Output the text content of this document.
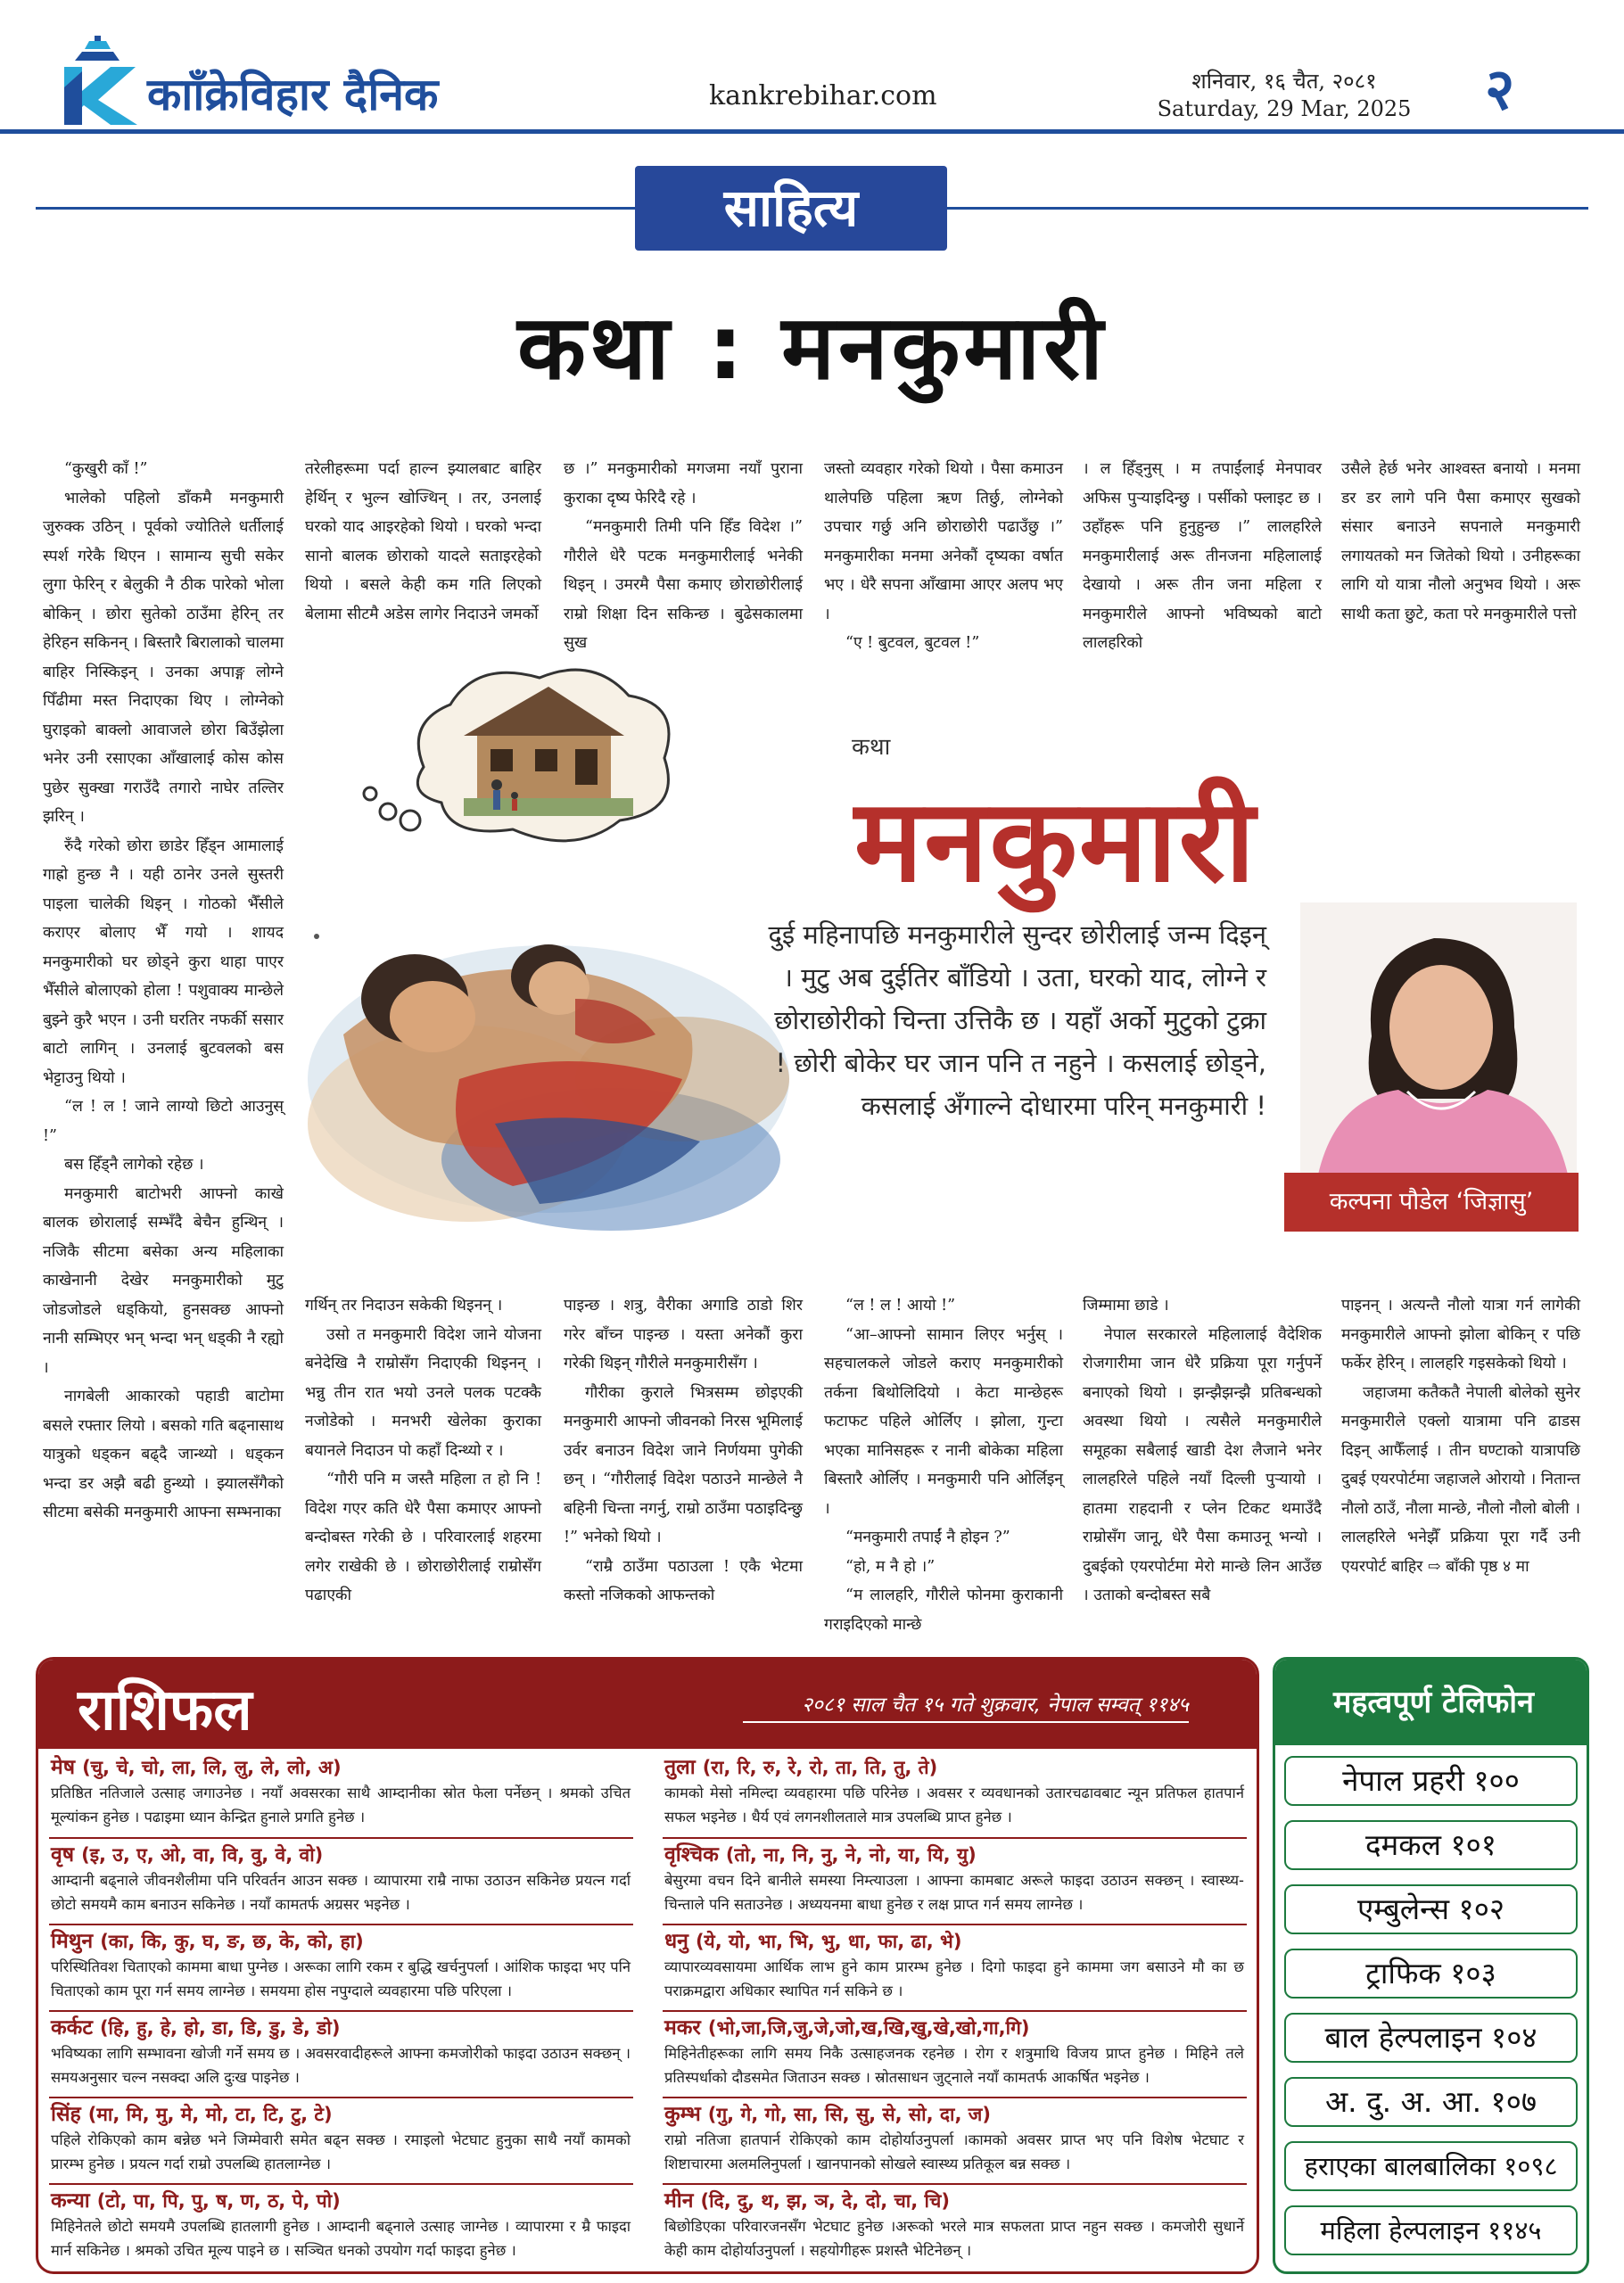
कााँक्रेविहार दैनिक	kankrebihar.com	शनिवार, १६ चैत, २०८१
Saturday, 29 Mar, 2025 २
साहित्य
कथा : मनकुमारी

“कुखुरी काँ !”

भालेको पहिलो डाँकमै मनकुमारी जुरुक्क उठिन् । पूर्वको ज्योतिले धर्तीलाई स्पर्श गरेकै थिएन । सामान्य सुची सकेर लुगा फेरिन् र बेलुकी नै ठीक पारेको भोला बोकिन् । छोरा सुतेको ठाउँमा हेरिन् तर हेरिहन सकिनन् । बिस्तारै बिरालाको चालमा बाहिर निस्किइन् । उनका अपाङ्ग लोग्ने पिँढीमा मस्त निदाएका थिए । लोग्नेको घुराइको बाक्लो आवाजले छोरा बिउँझेला भनेर उनी रसाएका आँखालाई कोस कोस पुछेर सुक्खा गराउँदै तगारो नाघेर तल्तिर झरिन् ।

रुँदै गरेको छोरा छाडेर हिँड्न आमालाई गाह्रो हुन्छ नै । यही ठानेर उनले सुस्तरी पाइला चालेकी थिइन् । गोठको भैँसीले कराएर बोलाए भैँ गयो । शायद मनकुमारीको घर छोड्ने कुरा थाहा पाएर भैँसीले बोलाएको होला ! पशुवाक्य मान्छेले बुझ्ने कुरै भएन । उनी घरतिर नफर्की ससार बाटो लागिन् । उनलाई बुटवलको बस भेट्टाउनु थियो ।

“ल ! ल ! जाने लाग्यो छिटो आउनुस् !”

बस हिँड्नै लागेको रहेछ ।

मनकुमारी बाटोभरी आफ्नो काखे बालक छोरालाई सम्भँदै बेचैन हुन्थिन् । नजिकै सीटमा बसेका अन्य महिलाका काखेनानी देखेर मनकुमारीको मुटु जोडजोडले धड्कियो, हुनसक्छ आफ्नो नानी सम्भिएर भन् भन्दा भन् धड्की नै रह्यो ।

नागबेली आकारको पहाडी बाटोमा बसले रफ्तार लियो । बसको गति बढ्नासाथ यात्रुको धड्कन बढ्दै जान्थ्यो । धड्कन भन्दा डर अझै बढी हुन्थ्यो । झ्यालसँगैको सीटमा बसेकी मनकुमारी आफ्ना सम्भनाका

तरेलीहरूमा पर्दा हाल्न झ्यालबाट बाहिर हेर्थिन् र भुल्न खोज्थिन् । तर, उनलाई घरको याद आइरहेको थियो । घरको भन्दा सानो बालक छोराको यादले सताइरहेको थियो । बसले केही कम गति लिएको बेलामा सीटमै अडेस लागेर निदाउने जमर्को

छ ।” मनकुमारीको मगजमा नयाँ पुराना कुराका दृष्य फेरिदै रहे ।

“मनकुमारी तिमी पनि हिँड विदेश ।” गौरीले धेरै पटक मनकुमारीलाई भनेकी थिइन् । उमरमै पैसा कमाए छोराछोरीलाई राम्रो शिक्षा दिन सकिन्छ । बुढेसकालमा सुख

जस्तो व्यवहार गरेको थियो । पैसा कमाउन थालेपछि पहिला ऋण तिर्छु, लोग्नेको उपचार गर्छु अनि छोराछोरी पढाउँछु ।” मनकुमारीका मनमा अनेकौं दृष्यका वर्षात भए । धेरै सपना आँखामा आएर अलप भए ।

“ए ! बुटवल, बुटवल !”

। ल हिँड्नुस् । म तपाईंलाई मेनपावर अफिस पुऱ्याइदिन्छु । पर्सीको फ्लाइट छ । उहाँहरू पनि हुनुहुन्छ ।” लालहरिले मनकुमारीलाई अरू तीनजना महिलालाई देखायो । अरू तीन जना महिला र मनकुमारीले आफ्नो भविष्यको बाटो लालहरिको

उसैले हेर्छ भनेर आश्वस्त बनायो । मनमा डर डर लागे पनि पैसा कमाएर सुखको संसार बनाउने सपनाले मनकुमारी लगायतको मन जितेको थियो । उनीहरूका लागि यो यात्रा नौलो अनुभव थियो । अरू साथी कता छुटे, कता परे मनकुमारीले पत्तो

कथा
मनकुमारी
दुई महिनापछि मनकुमारीले सुन्दर छोरीलाई जन्म दिइन् । मुटु अब दुईतिर बाँडियो । उता, घरको याद, लोग्ने र छोराछोरीको चिन्ता उत्तिकै छ । यहाँ अर्को मुटुको टुक्रा ! छोरी बोकेर घर जान पनि त नहुने । कसलाई छोड्ने, कसलाई अँगाल्ने दोधारमा परिन् मनकुमारी !
कल्पना पौडेल ‘जिज्ञासु’

गर्थिन् तर निदाउन सकेकी थिइनन् ।

उसो त मनकुमारी विदेश जाने योजना बनेदेखि नै राम्रोसँग निदाएकी थिइनन् । भन्नु तीन रात भयो उनले पलक पटक्कै नजोडेको । मनभरी खेलेका कुराका बयानले निदाउन पो कहाँ दिन्थ्यो र ।

“गौरी पनि म जस्तै महिला त हो नि ! विदेश गएर कति धेरै पैसा कमाएर आफ्नो बन्दोबस्त गरेकी छे । परिवारलाई शहरमा लगेर राखेकी छे । छोराछोरीलाई राम्रोसँग पढाएकी

पाइन्छ । शत्रु, वैरीका अगाडि ठाडो शिर गरेर बाँच्न पाइन्छ । यस्ता अनेकौं कुरा गरेकी थिइन् गौरीले मनकुमारीसँग ।

गौरीका कुराले भित्रसम्म छोइएकी मनकुमारी आफ्नो जीवनको निरस भूमिलाई उर्वर बनाउन विदेश जाने निर्णयमा पुगेकी छन् । “गौरीलाई विदेश पठाउने मान्छेले नै बहिनी चिन्ता नगर्नु, राम्रो ठाउँमा पठाइदिन्छु !” भनेको थियो ।

“राम्रै ठाउँमा पठाउला ! एकै भेटमा कस्तो नजिकको आफन्तको

“ल ! ल ! आयो !”

“आ–आफ्नो सामान लिएर भर्नुस् । सहचालकले जोडले कराए मनकुमारीको तर्कना बिथोलिदियो । केटा मान्छेहरू फटाफट पहिले ओर्लिए । झोला, गुन्टा भएका मानिसहरू र नानी बोकेका महिला बिस्तारै ओर्लिए । मनकुमारी पनि ओर्लिइन् ।

“मनकुमारी तपाईं नै होइन ?”

“हो, म नै हो ।”

“म लालहरि, गौरीले फोनमा कुराकानी गराइदिएको मान्छे

जिम्मामा छाडे ।

नेपाल सरकारले महिलालाई वैदेशिक रोजगारीमा जान धेरै प्रक्रिया पूरा गर्नुपर्ने बनाएको थियो । झन्झैझन्झै प्रतिबन्धको अवस्था थियो । त्यसैले मनकुमारीले समूहका सबैलाई खाडी देश लैजाने भनेर लालहरिले पहिले नयाँ दिल्ली पुऱ्यायो । हातमा राहदानी र प्लेन टिकट थमाउँदै राम्रोसँग जानू, धेरै पैसा कमाउनू भन्यो । दुबईको एयरपोर्टमा मेरो मान्छे लिन आउँछ । उताको बन्दोबस्त सबै

पाइनन् । अत्यन्तै नौलो यात्रा गर्न लागेकी मनकुमारीले आफ्नो झोला बोकिन् र पछि फर्केर हेरिन् । लालहरि गइसकेको थियो ।

जहाजमा कतैकतै नेपाली बोलेको सुनेर मनकुमारीले एक्लो यात्रामा पनि ढाडस दिइन् आफैँलाई । तीन घण्टाको यात्रापछि दुबई एयरपोर्टमा जहाजले ओरायो । नितान्त नौलो ठाउँ, नौला मान्छे, नौलो नौलो बोली । लालहरिले भनेझैँ प्रक्रिया पूरा गर्दै उनी एयरपोर्ट बाहिर ⇨ बाँकी पृष्ठ ४ मा

राशिफल	२०८१ साल चैत १५ गते शुक्रवार, नेपाल सम्वत् ११४५
मेष (चु, चे, चो, ला, लि, लु, ले, लो, अ)
प्रतिष्ठित नतिजाले उत्साह जगाउनेछ । नयाँ अवसरका साथै आम्दानीका स्रोत फेला पर्नेछन् । श्रमको उचित मूल्यांकन हुनेछ । पढाइमा ध्यान केन्द्रित हुनाले प्रगति हुनेछ ।
वृष (इ, उ, ए, ओ, वा, वि, वु, वे, वो)
आम्दानी बढ्नाले जीवनशैलीमा पनि परिवर्तन आउन सक्छ । व्यापारमा राम्रै नाफा उठाउन सकिनेछ प्रयत्न गर्दा छोटो समयमै काम बनाउन सकिनेछ । नयाँ कामतर्फ अग्रसर भइनेछ ।
मिथुन (का, कि, कु, घ, ङ, छ, के, को, हा)
परिस्थितिवश चिताएको काममा बाधा पुग्नेछ । अरूका लागि रकम र बुद्धि खर्चनुपर्ला । आंशिक फाइदा भए पनि चिताएको काम पूरा गर्न समय लाग्नेछ । समयमा होस नपुग्दाले व्यवहारमा पछि परिएला ।
कर्कट (हि, हु, हे, हो, डा, डि, डु, डे, डो)
भविष्यका लागि सम्भावना खोजी गर्ने समय छ । अवसरवादीहरूले आफ्ना कमजोरीको फाइदा उठाउन सक्छन् । समयअनुसार चल्न नसक्दा अलि दुःख पाइनेछ ।
सिंह (मा, मि, मु, मे, मो, टा, टि, टु, टे)
पहिले रोकिएको काम बन्नेछ भने जिम्मेवारी समेत बढ्न सक्छ । रमाइलो भेटघाट हुनुका साथै नयाँ कामको प्रारम्भ हुनेछ । प्रयत्न गर्दा राम्रो उपलब्धि हातलाग्नेछ ।
कन्या (टो, पा, पि, पु, ष, ण, ठ, पे, पो)
मिहिनेतले छोटो समयमै उपलब्धि हातलागी हुनेछ । आम्दानी बढ्नाले उत्साह जाग्नेछ । व्यापारमा र म्रै फाइदा मार्न सकिनेछ । श्रमको उचित मूल्य पाइने छ । सञ्चित धनको उपयोग गर्दा फाइदा हुनेछ ।
तुला (रा, रि, रु, रे, रो, ता, ति, तु, ते)
कामको मेसो नमिल्दा व्यवहारमा पछि परिनेछ । अवसर र व्यवधानको उतारचढावबाट न्यून प्रतिफल हातपार्न सफल भइनेछ । धैर्य एवं लगनशीलताले मात्र उपलब्धि प्राप्त हुनेछ ।
वृश्चिक (तो, ना, नि, नु, ने, नो, या, यि, यु)
बेसुरमा वचन दिने बानीले समस्या निम्त्याउला । आफ्ना कामबाट अरूले फाइदा उठाउन सक्छन् । स्वास्थ्य-चिन्ताले पनि सताउनेछ । अध्ययनमा बाधा हुनेछ र लक्ष प्राप्त गर्न समय लाग्नेछ ।
धनु (ये, यो, भा, भि, भु, धा, फा, ढा, भे)
व्यापारव्यवसायमा आर्थिक लाभ हुने काम प्रारम्भ हुनेछ । दिगो फाइदा हुने काममा जग बसाउने मौ का छ पराक्रमद्वारा अधिकार स्थापित गर्न सकिने छ ।
मकर (भो,जा,जि,जु,जे,जो,ख,खि,खु,खे,खो,गा,गि)
मिहिनेतीहरूका लागि समय निकै उत्साहजनक रहनेछ । रोग र शत्रुमाथि विजय प्राप्त हुनेछ । मिहिने तले प्रतिस्पर्धाको दौडसमेत जिताउन सक्छ । स्रोतसाधन जुट्नाले नयाँ कामतर्फ आकर्षित भइनेछ ।
कुम्भ (गु, गे, गो, सा, सि, सु, से, सो, दा, ज)
राम्रो नतिजा हातपार्न रोकिएको काम दोहोर्याउनुपर्ला ।कामको अवसर प्राप्त भए पनि विशेष भेटघाट र शिष्टाचारमा अलमलिनुपर्ला । खानपानको सोखले स्वास्थ्य प्रतिकूल बन्न सक्छ ।
मीन (दि, दु, थ, झ, ञ, दे, दो, चा, चि)
बिछोडिएका परिवारजनसँग भेटघाट हुनेछ ।अरूको भरले मात्र सफलता प्राप्त नहुन सक्छ । कमजोरी सुधार्ने केही काम दोहोर्याउनुपर्ला । सहयोगीहरू प्रशस्तै भेटिनेछन् ।
महत्वपूर्ण टेलिफोन
नेपाल प्रहरी १००
दमकल १०१
एम्बुलेन्स १०२
ट्राफिक १०३
बाल हेल्पलाइन १०४
अ. दु. अ. आ. १०७
हराएका बालबालिका १०९८
महिला हेल्पलाइन ११४५
